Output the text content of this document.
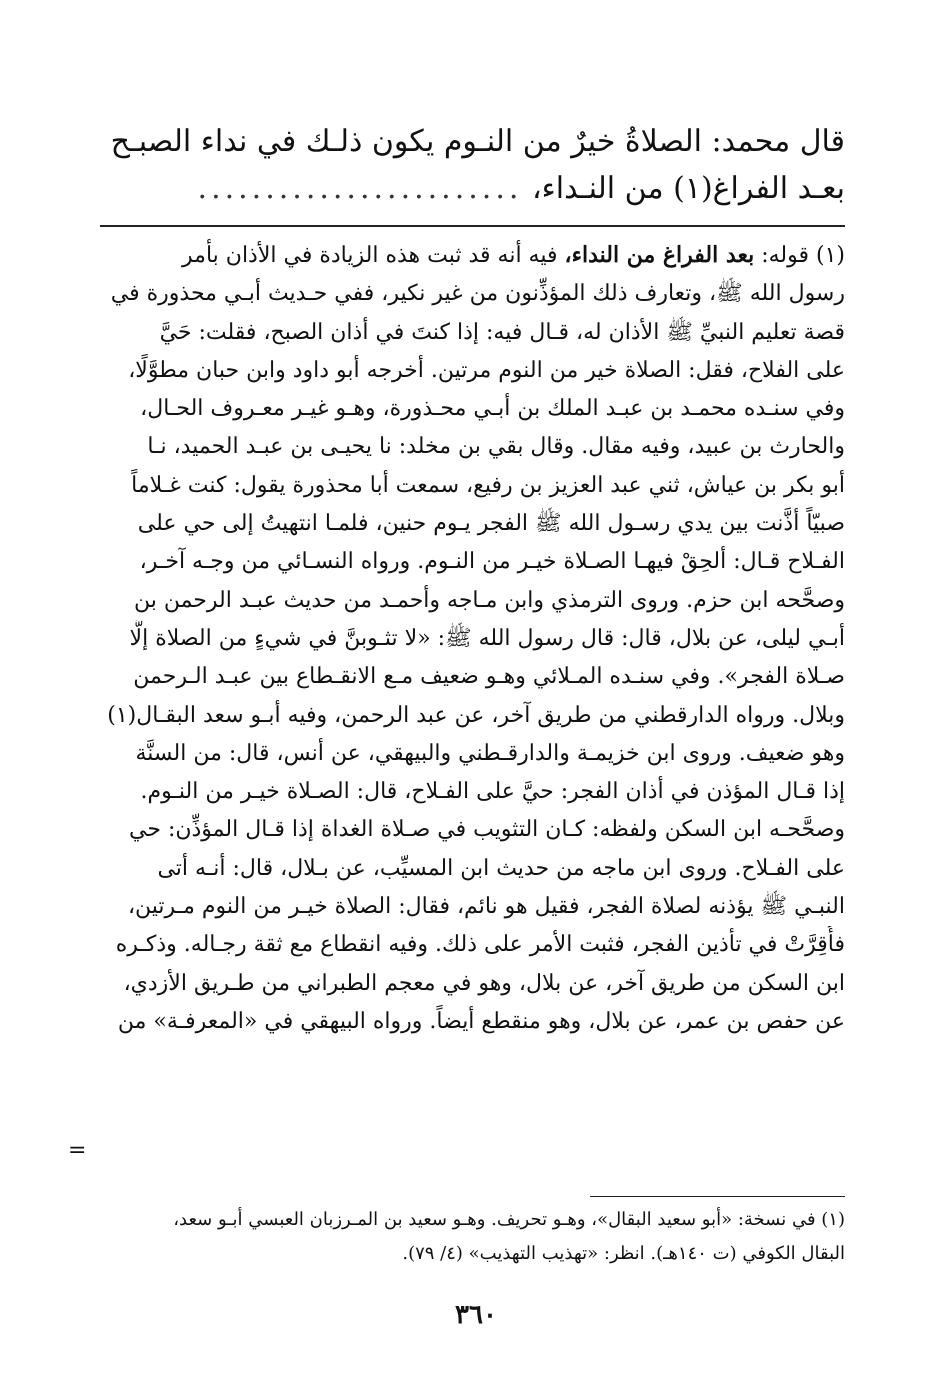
قال محمد: الصلاةُ خيرٌ من النـوم يكون ذلـك في نداء الصبـح
بعـد الفراغ(١) من النـداء، ........................
(١) قوله: بعد الفراغ من النداء، فيه أنه قد ثبت هذه الزيادة في الأذان بأمر
رسول الله ﷺ، وتعارف ذلك المؤذِّنون من غير نكير، ففي حـديث أبـي محذورة في
قصة تعليم النبيِّ ﷺ الأذان له، قـال فيه: إذا كنتَ في أذان الصبح، فقلت: حَيَّ
على الفلاح، فقل: الصلاة خير من النوم مرتين. أخرجه أبو داود وابن حبان مطوَّلًا،
وفي سنـده محمـد بن عبـد الملك بن أبـي محـذورة، وهـو غيـر معـروف الحـال،
والحارث بن عبيد، وفيه مقال. وقال بقي بن مخلد: نا يحيـى بن عبـد الحميد، نـا
أبو بكر بن عياش، ثني عبد العزيز بن رفيع، سمعت أبا محذورة يقول: كنت غـلاماً
صبيّاً أذَّنت بين يدي رسـول الله ﷺ الفجر يـوم حنين، فلمـا انتهيتُ إلى حي على
الفـلاح قـال: ألحِقْ فيهـا الصـلاة خيـر من النـوم. ورواه النسـائي من وجـه آخـر،
وصحَّحه ابن حزم. وروى الترمذي وابن مـاجه وأحمـد من حديث عبـد الرحمن بن
أبـي ليلى، عن بلال، قال: قال رسول الله ﷺ: «لا تثـوبنَّ في شيءٍ من الصلاة إلَّا
صـلاة الفجر». وفي سنـده المـلائي وهـو ضعيف مـع الانقـطاع بين عبـد الـرحمن
وبلال. ورواه الدارقطني من طريق آخر، عن عبد الرحمن، وفيه أبـو سعد البقـال(١)
وهو ضعيف. وروى ابن خزيمـة والدارقـطني والبيهقي، عن أنس، قال: من السنَّة
إذا قـال المؤذن في أذان الفجر: حيَّ على الفـلاح، قال: الصـلاة خيـر من النـوم.
وصحَّحـه ابن السكن ولفظه: كـان التثويب في صـلاة الغداة إذا قـال المؤذِّن: حي
على الفـلاح. وروى ابن ماجه من حديث ابن المسيِّب، عن بـلال، قال: أنـه أتى
النبـي ﷺ يؤذنه لصلاة الفجر، فقيل هو نائم، فقال: الصلاة خيـر من النوم مـرتين،
فأُقِرَّتْ في تأذين الفجر، فثبت الأمر على ذلك. وفيه انقطاع مع ثقة رجـاله. وذكـره
ابن السكن من طريق آخر، عن بلال، وهو في معجم الطبراني من طـريق الأزدي،
عن حفص بن عمر، عن بلال، وهو منقطع أيضاً. ورواه البيهقي في «المعرفـة» من
=
(١) في نسخة: «أبو سعيد البقال»، وهـو تحريف. وهـو سعيد بن المـرزبان العبسي أبـو سعد،
البقال الكوفي (ت ١٤٠هـ). انظر: «تهذيب التهذيب» (٤/ ٧٩).
٣٦٠
